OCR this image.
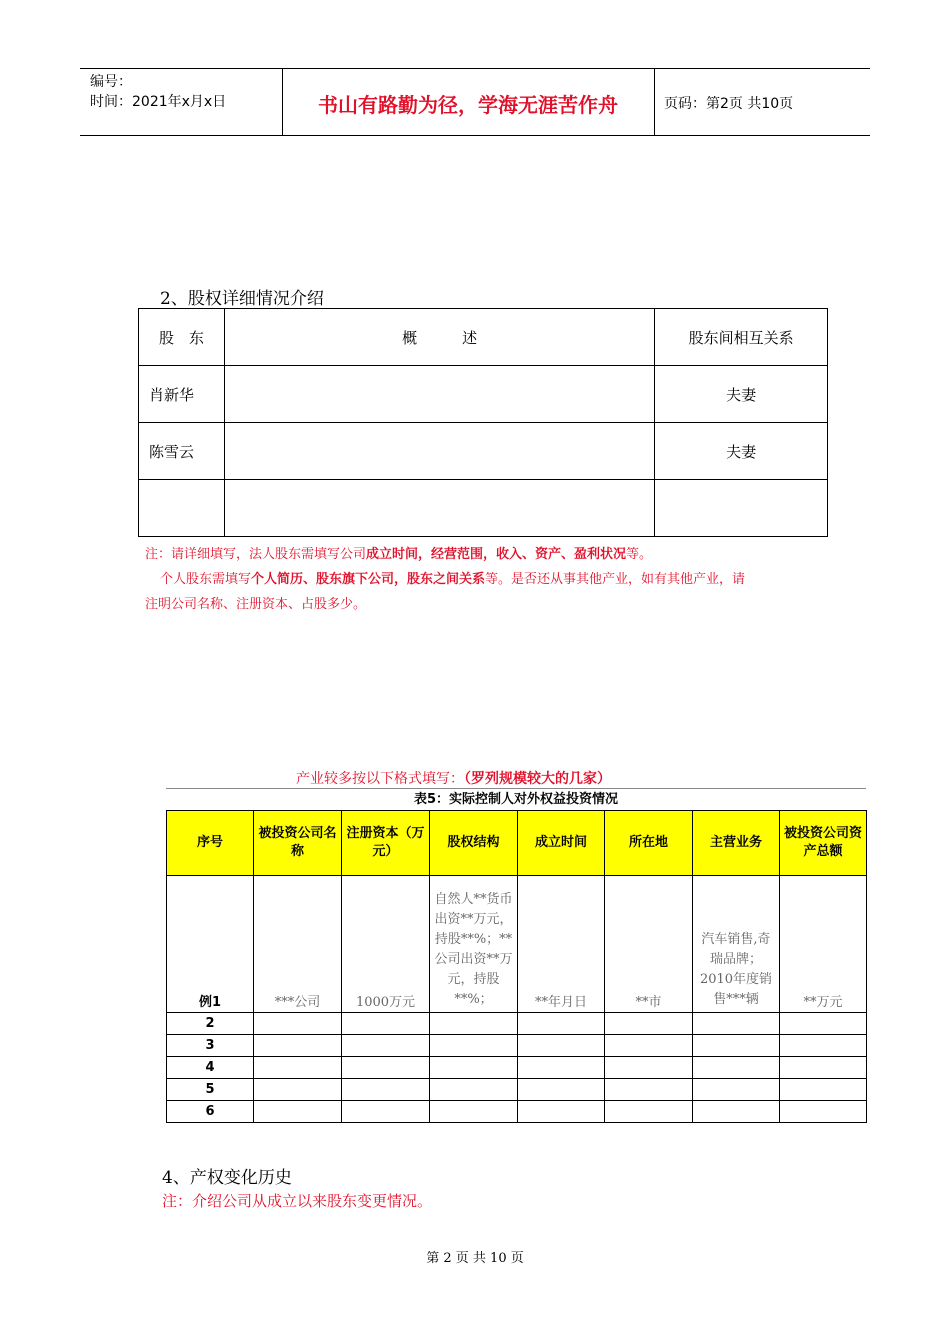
编号：
时间：2021年x月x日	书山有路勤为径，学海无涯苦作舟	页码：第2页 共10页
2、股权详细情况介绍
股　东	概　　　述	股东间相互关系
肖新华		夫妻
陈雪云		夫妻

注：请详细填写，法人股东需填写公司成立时间，经营范围，收入、资产、盈利状况等。
个人股东需填写个人简历、股东旗下公司，股东之间关系等。是否还从事其他产业，如有其他产业，请
注明公司名称、注册资本、占股多少。
产业较多按以下格式填写：（罗列规模较大的几家）
表5：实际控制人对外权益投资情况
序号	被投资公司名称	注册资本（万元）	股权结构	成立时间	所在地	主营业务	被投资公司资产总额
例1	***公司	1000万元	自然人**货币出资**万元，持股**%；**公司出资**万元，持股**%；	**年月日	**市	汽车销售,奇瑞品牌；2010年度销售***辆	**万元
2							
3							
4							
5							
6							
4、产权变化历史
注：介绍公司从成立以来股东变更情况。
第 2 页 共 10 页
